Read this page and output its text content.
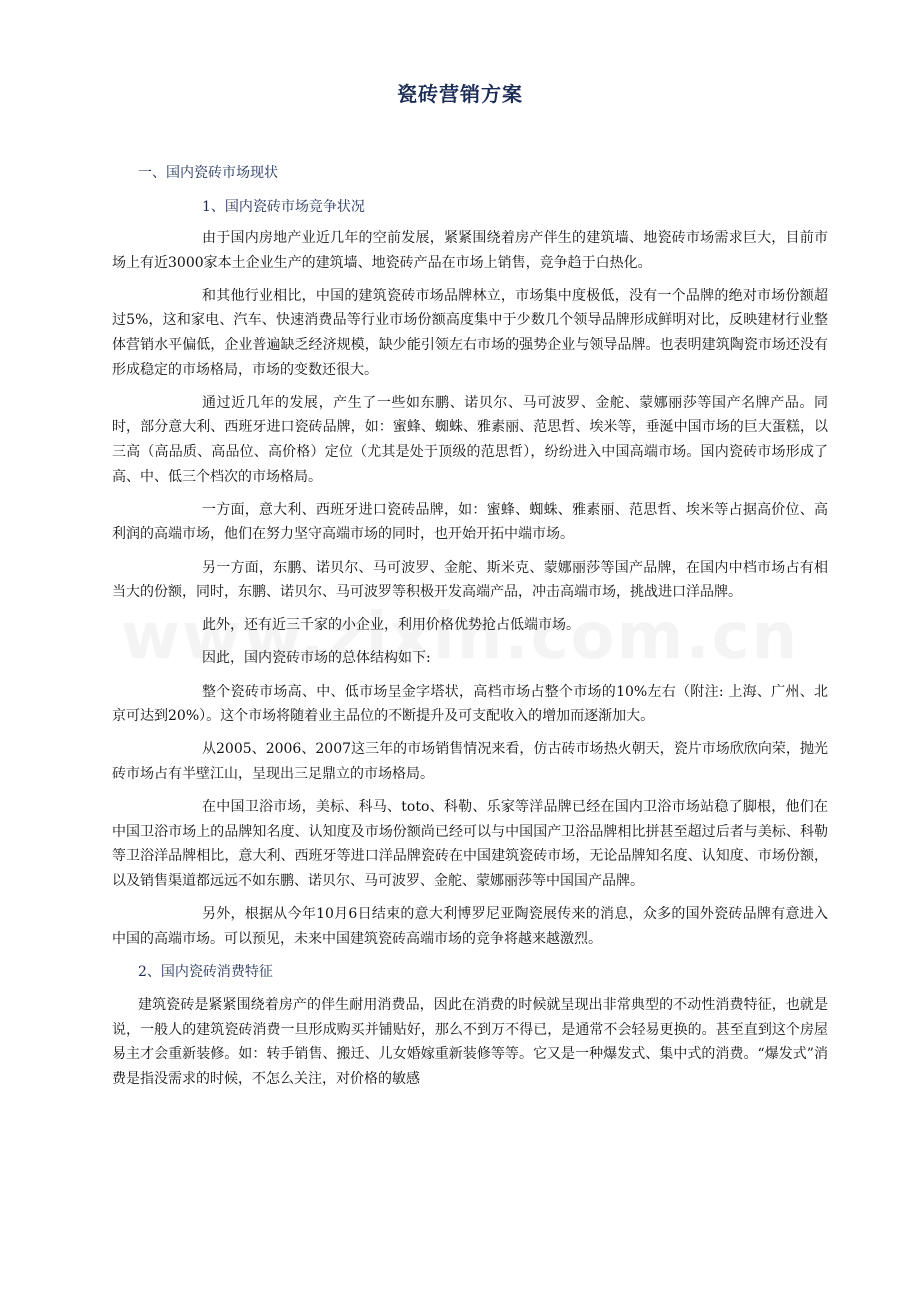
瓷砖营销方案
一、国内瓷砖市场现状
1、国内瓷砖市场竞争状况

由于国内房地产业近几年的空前发展，紧紧围绕着房产伴生的建筑墙、地瓷砖市场需求巨大，目前市场上有近3000家本土企业生产的建筑墙、地瓷砖产品在市场上销售，竞争趋于白热化。

和其他行业相比，中国的建筑瓷砖市场品牌林立，市场集中度极低，没有一个品牌的绝对市场份额超过5%，这和家电、汽车、快速消费品等行业市场份额高度集中于少数几个领导品牌形成鲜明对比，反映建材行业整体营销水平偏低，企业普遍缺乏经济规模，缺少能引领左右市场的强势企业与领导品牌。也表明建筑陶瓷市场还没有形成稳定的市场格局，市场的变数还很大。

通过近几年的发展，产生了一些如东鹏、诺贝尔、马可波罗、金舵、蒙娜丽莎等国产名牌产品。同时，部分意大利、西班牙进口瓷砖品牌，如：蜜蜂、蜘蛛、雅素丽、范思哲、埃米等，垂涎中国市场的巨大蛋糕，以三高（高品质、高品位、高价格）定位（尤其是处于顶级的范思哲），纷纷进入中国高端市场。国内瓷砖市场形成了高、中、低三个档次的市场格局。

一方面，意大利、西班牙进口瓷砖品牌，如：蜜蜂、蜘蛛、雅素丽、范思哲、埃米等占据高价位、高利润的高端市场，他们在努力坚守高端市场的同时，也开始开拓中端市场。

另一方面，东鹏、诺贝尔、马可波罗、金舵、斯米克、蒙娜丽莎等国产品牌，在国内中档市场占有相当大的份额，同时，东鹏、诺贝尔、马可波罗等积极开发高端产品，冲击高端市场，挑战进口洋品牌。

此外，还有近三千家的小企业，利用价格优势抢占低端市场。

因此，国内瓷砖市场的总体结构如下:

整个瓷砖市场高、中、低市场呈金字塔状，高档市场占整个市场的10%左右（附注: 上海、广州、北京可达到20%）。这个市场将随着业主品位的不断提升及可支配收入的增加而逐渐加大。

从2005、2006、2007这三年的市场销售情况来看，仿古砖市场热火朝天，瓷片市场欣欣向荣，抛光砖市场占有半壁江山，呈现出三足鼎立的市场格局。

在中国卫浴市场，美标、科马、toto、科勒、乐家等洋品牌已经在国内卫浴市场站稳了脚根，他们在中国卫浴市场上的品牌知名度、认知度及市场份额尚已经可以与中国国产卫浴品牌相比拼甚至超过后者与美标、科勒等卫浴洋品牌相比，意大利、西班牙等进口洋品牌瓷砖在中国建筑瓷砖市场，无论品牌知名度、认知度、市场份额，以及销售渠道都远远不如东鹏、诺贝尔、马可波罗、金舵、蒙娜丽莎等中国国产品牌。

另外，根据从今年10月6日结束的意大利博罗尼亚陶瓷展传来的消息，众多的国外瓷砖品牌有意进入中国的高端市场。可以预见，未来中国建筑瓷砖高端市场的竞争将越来越激烈。

2、国内瓷砖消费特征

建筑瓷砖是紧紧围绕着房产的伴生耐用消费品，因此在消费的时候就呈现出非常典型的不动性消费特征，也就是说，一般人的建筑瓷砖消费一旦形成购买并铺贴好，那么不到万不得已，是通常不会轻易更换的。甚至直到这个房屋易主才会重新装修。如：转手销售、搬迁、儿女婚嫁重新装修等等。它又是一种爆发式、集中式的消费。“爆发式”消费是指没需求的时候，不怎么关注，对价格的敏感
